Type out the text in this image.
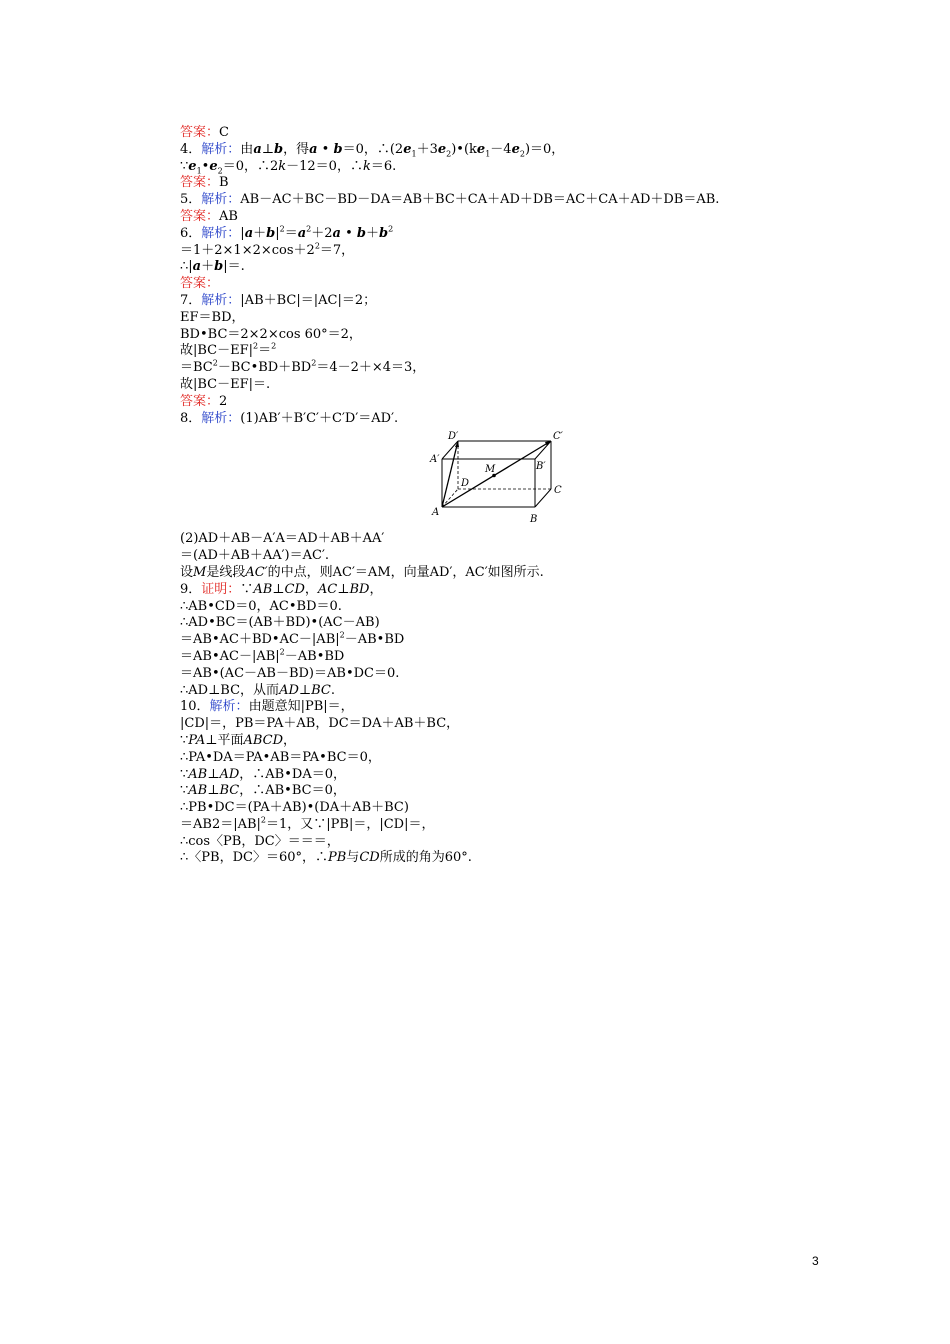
答案：C
4．解析：由a⊥b，得a • b＝0，$\therefore(2e_1+3e_2)•(ke_1-4e_2)=0$，
$\because e_1•e_2=0$，∴2k－12＝0，∴k＝6.
答案：B
5．解析：AB－AC＋BC－BD－DA＝AB＋BC＋CA＋AD＋DB＝AC＋CA＋AD＋DB＝AB.
答案：AB
6．解析：$|a+b|^2=a^2+2a$ • $b+b^2$
$=1+2\times 1\times 2\times\cos+2^2=7$，
∴|a＋b|＝.
答案：
7．解析：|AB＋BC|＝|AC|＝2；
EF＝BD，
BD•BC＝2×2×cos 60°＝2，
故$|BC-EF|^2=^2$
$=BC^2-BC•BD+BD^2=4-2+\times 4=3$，
故|BC－EF|＝.
答案：2
8．解析：(1)AB′＋B′C′＋C′D′＝AD′.
D′	C′
A′
B′
D
M
C
A
B
(2)AD＋AB－A′A＝AD＋AB＋AA′
＝(AD＋AB＋AA′)＝AC′.
设M是线段AC′的中点，则AC′＝AM，向量AD′，AC′如图所示.
9．证明：∵AB⊥CD，AC⊥BD，
∴AB•CD＝0，AC•BD＝0.
∴AD•BC＝(AB＋BD)•(AC－AB)
$=AB•AC+BD•AC-|AB|^2-AB•BD$
$=AB•AC-|AB|^2-AB•BD$
＝AB•(AC－AB－BD)＝AB•DC＝0.
∴AD⊥BC，从而AD⊥BC.
10．解析：由题意知|PB|＝，
|CD|＝，PB＝PA＋AB，DC＝DA＋AB＋BC，
∵PA⊥平面ABCD，
∴PA•DA＝PA•AB＝PA•BC＝0，
∵AB⊥AD，∴AB•DA＝0，
∵AB⊥BC，∴AB•BC＝0，
∴PB•DC＝(PA＋AB)•(DA＋AB＋BC)
$=AB2=|AB|^2=1$，又∵|PB|＝，|CD|＝，
∴cos〈PB，DC〉＝＝＝，
∴〈PB，DC〉＝60°，∴PB与CD所成的角为60°.
3
